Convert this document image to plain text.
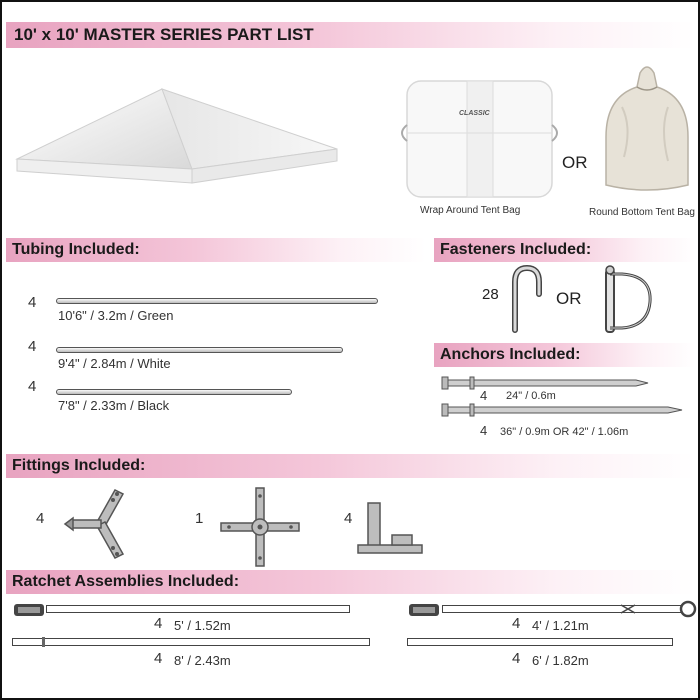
10' x 10' MASTER SERIES PART LIST
CLASSIC
OR
Wrap Around Tent Bag	Round Bottom Tent Bag
Tubing Included:
4
10'6" / 3.2m / Green
4
9'4" / 2.84m / White
4
7'8" / 2.33m / Black
Fasteners Included:
28	OR
Anchors Included:
4 24" / 0.6m
4 36" / 0.9m OR 42" / 1.06m
Fittings Included:
4	1	4
Ratchet Assemblies Included:
4 5' / 1.52m
4 8' / 2.43m
4 4' / 1.21m
4 6' / 1.82m
